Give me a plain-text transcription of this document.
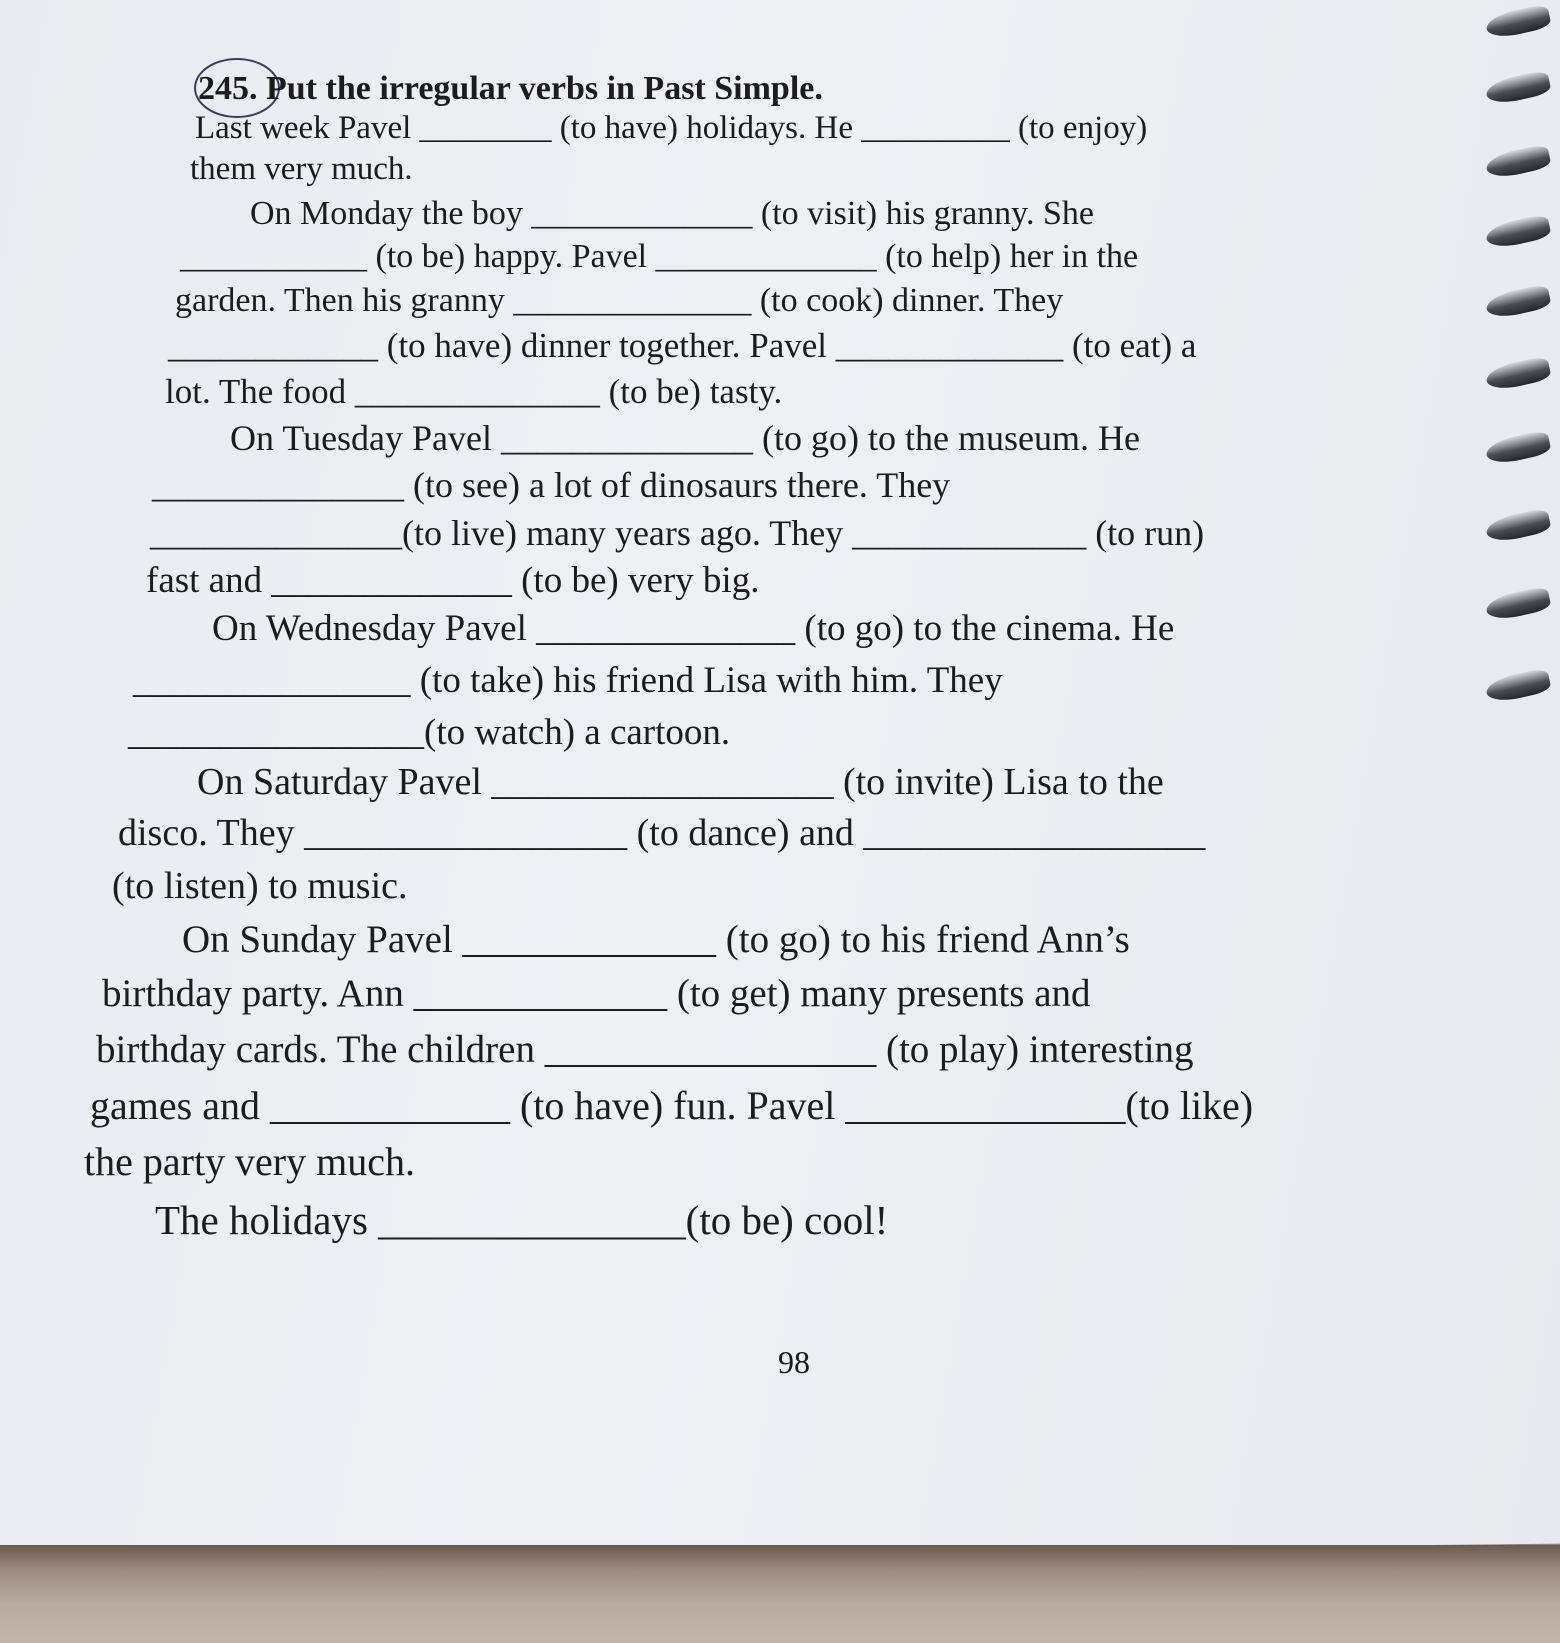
245. Put the irregular verbs in Past Simple.
Last week Pavel ________ (to have) holidays. He _________ (to enjoy)
them very much.
On Monday the boy _____________ (to visit) his granny. She
___________ (to be) happy. Pavel _____________ (to help) her in the
garden. Then his granny ______________ (to cook) dinner. They
____________ (to have) dinner together. Pavel _____________ (to eat) a
lot. The food ______________ (to be) tasty.
On Tuesday Pavel ______________ (to go) to the museum. He
______________ (to see) a lot of dinosaurs there. They
______________(to live) many years ago. They _____________ (to run)
fast and _____________ (to be) very big.
On Wednesday Pavel ______________ (to go) to the cinema. He
_______________ (to take) his friend Lisa with him. They
________________(to watch) a cartoon.
On Saturday Pavel __________________ (to invite) Lisa to the
disco. They _________________ (to dance) and __________________
(to listen) to music.
On Sunday Pavel _____________ (to go) to his friend Ann’s
birthday party. Ann _____________ (to get) many presents and
birthday cards. The children _________________ (to play) interesting
games and ____________ (to have) fun. Pavel ______________(to like)
the party very much.
The holidays _______________(to be) cool!
98
